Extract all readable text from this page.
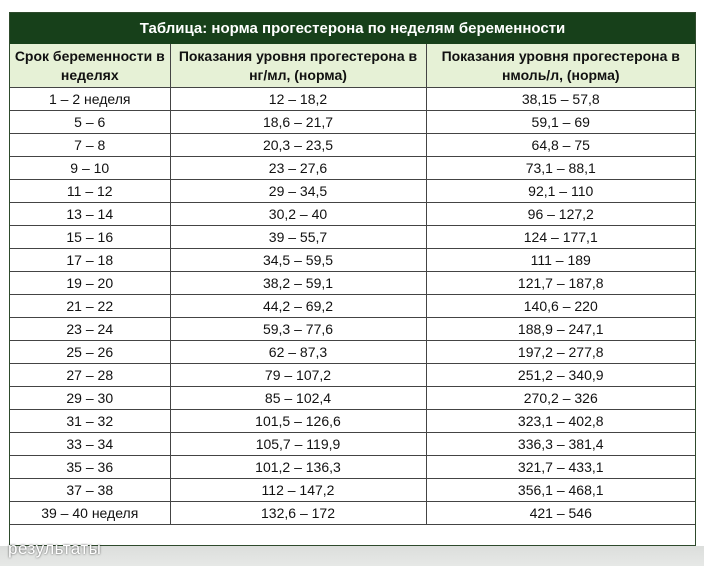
Таблица: норма прогестерона по неделям беременности
Срок беременности в неделях	Показания уровня прогестерона в нг/мл, (норма)	Показания уровня прогестерона в нмоль/л, (норма)
1 – 2 неделя	12 – 18,2	38,15 – 57,8
5 – 6	18,6 – 21,7	59,1 – 69
7 – 8	20,3 – 23,5	64,8 – 75
9 – 10	23 – 27,6	73,1 – 88,1
11 – 12	29 – 34,5	92,1 – 110
13 – 14	30,2 – 40	96 – 127,2
15 – 16	39 – 55,7	124 – 177,1
17 – 18	34,5 – 59,5	111 – 189
19 – 20	38,2 – 59,1	121,7 – 187,8
21 – 22	44,2 – 69,2	140,6 – 220
23 – 24	59,3 – 77,6	188,9 – 247,1
25 – 26	62 – 87,3	197,2 – 277,8
27 – 28	79 – 107,2	251,2 – 340,9
29 – 30	85 – 102,4	270,2 – 326
31 – 32	101,5 – 126,6	323,1 – 402,8
33 – 34	105,7 – 119,9	336,3 – 381,4
35 – 36	101,2 – 136,3	321,7 – 433,1
37 – 38	112 – 147,2	356,1 – 468,1
39 – 40 неделя	132,6 – 172	421 – 546
результаты
